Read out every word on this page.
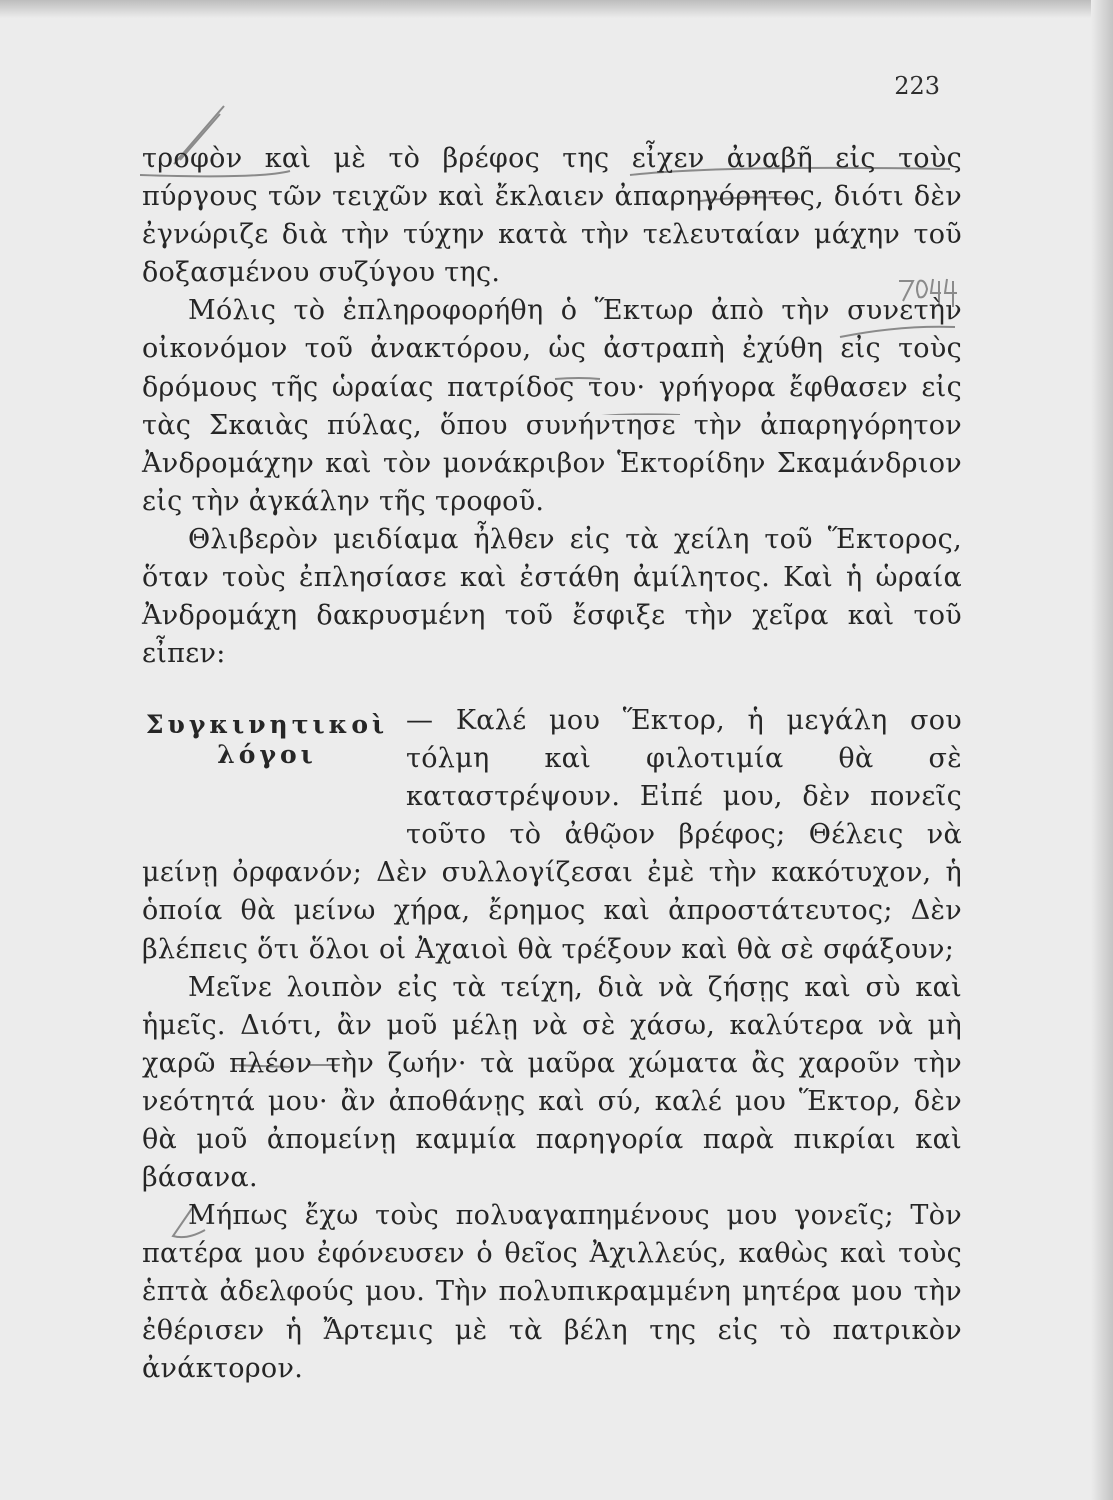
223

τροφὸν καὶ μὲ τὸ βρέφος της εἶχεν ἀναβῆ εἰς τοὺς πύργους τῶν τειχῶν καὶ ἔκλαιεν ἀπαρηγόρητος, διότι δὲν ἐγνώριζε διὰ τὴν τύχην κατὰ τὴν τελευταίαν μάχην τοῦ δοξασμένου συζύγου της.

Μόλις τὸ ἐπληροφορήθη ὁ Ἕκτωρ ἀπὸ τὴν συνετὴν οἰκονόμον τοῦ ἀνακτόρου, ὡς ἀστραπὴ ἐχύθη εἰς τοὺς δρόμους τῆς ὡραίας πατρίδος του· γρήγορα ἔφθασεν εἰς τὰς Σκαιὰς πύλας, ὅπου συνήντησε τὴν ἀπαρηγόρητον Ἀνδρομάχην καὶ τὸν μονάκριβον Ἑκτορίδην Σκαμάνδριον εἰς τὴν ἀγκάλην τῆς τροφοῦ.

Θλιβερὸν μειδίαμα ἦλθεν εἰς τὰ χείλη τοῦ Ἕκτορος, ὅταν τοὺς ἐπλησίασε καὶ ἐστάθη ἀμίλητος. Καὶ ἡ ὡραία Ἀνδρομάχη δακρυσμένη τοῦ ἔσφιξε τὴν χεῖρα καὶ τοῦ εἶπεν:

Συγκινητικοὶ
λόγοι

— Καλέ μου Ἕκτορ, ἡ μεγάλη σου τόλμη καὶ φιλοτιμία θὰ σὲ καταστρέψουν. Εἰπέ μου, δὲν πονεῖς τοῦτο τὸ ἀθῷον βρέφος; Θέλεις νὰ μείνῃ ὀρφανόν; Δὲν συλλογίζεσαι ἐμὲ τὴν κακότυχον, ἡ ὁποία θὰ μείνω χήρα, ἔρημος καὶ ἀπροστάτευτος; Δὲν βλέπεις ὅτι ὅλοι οἱ Ἀχαιοὶ θὰ τρέξουν καὶ θὰ σὲ σφάξουν;

Μεῖνε λοιπὸν εἰς τὰ τείχη, διὰ νὰ ζήσῃς καὶ σὺ καὶ ἡμεῖς. Διότι, ἂν μοῦ μέλῃ νὰ σὲ χάσω, καλύτερα νὰ μὴ χαρῶ πλέον τὴν ζωήν· τὰ μαῦρα χώματα ἂς χαροῦν τὴν νεότητά μου· ἂν ἀποθάνῃς καὶ σύ, καλέ μου Ἕκτορ, δὲν θὰ μοῦ ἀπομείνῃ καμμία παρηγορία παρὰ πικρίαι καὶ βάσανα.

Μήπως ἔχω τοὺς πολυαγαπημένους μου γονεῖς; Τὸν πατέρα μου ἐφόνευσεν ὁ θεῖος Ἀχιλλεύς, καθὼς καὶ τοὺς ἑπτὰ ἀδελφούς μου. Τὴν πολυπικραμμένη μητέρα μου τὴν ἐθέρισεν ἡ Ἄρτεμις μὲ τὰ βέλη της εἰς τὸ πατρικὸν ἀνάκτορον.
